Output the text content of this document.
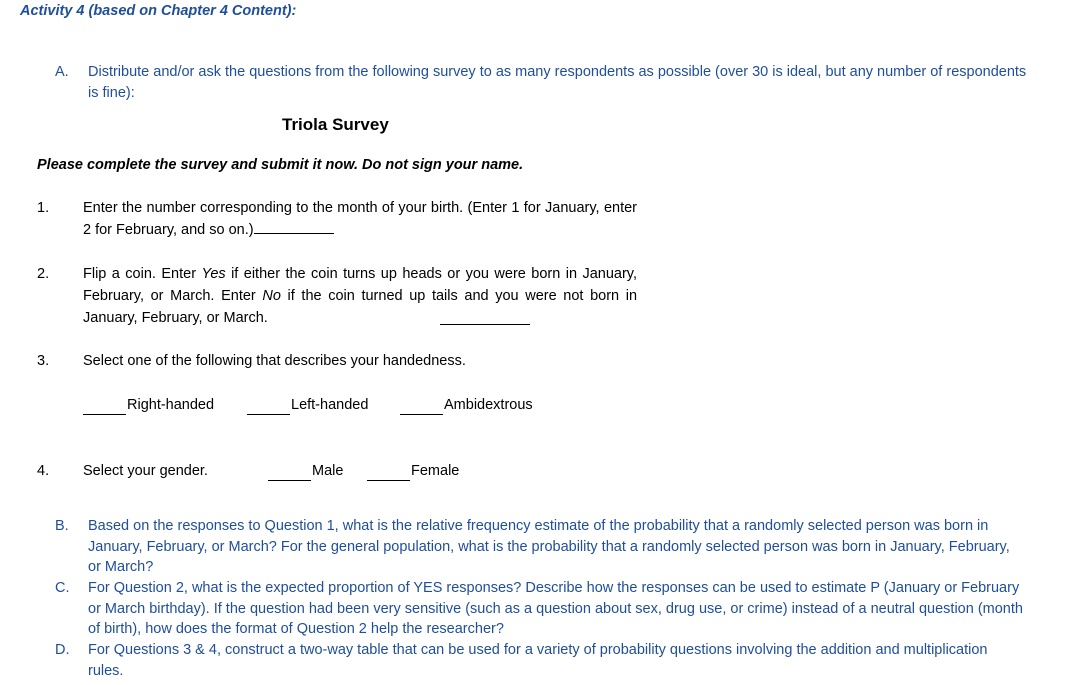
Activity 4 (based on Chapter 4 Content):
A. Distribute and/or ask the questions from the following survey to as many respondents as possible (over 30 is ideal, but any number of respondents is fine):
Triola Survey
Please complete the survey and submit it now. Do not sign your name.
1. Enter the number corresponding to the month of your birth. (Enter 1 for January, enter 2 for February, and so on.)
2. Flip a coin. Enter Yes if either the coin turns up heads or you were born in January, February, or March. Enter No if the coin turned up tails and you were not born in January, February, or March.
3. Select one of the following that describes your handedness.
Right-handed	Left-handed	Ambidextrous
4. Select your gender.	Male	Female
B. Based on the responses to Question 1, what is the relative frequency estimate of the probability that a randomly selected person was born in January, February, or March? For the general population, what is the probability that a randomly selected person was born in January, February, or March?
C. For Question 2, what is the expected proportion of YES responses? Describe how the responses can be used to estimate P (January or February or March birthday). If the question had been very sensitive (such as a question about sex, drug use, or crime) instead of a neutral question (month of birth), how does the format of Question 2 help the researcher?
D. For Questions 3 & 4, construct a two-way table that can be used for a variety of probability questions involving the addition and multiplication rules.
